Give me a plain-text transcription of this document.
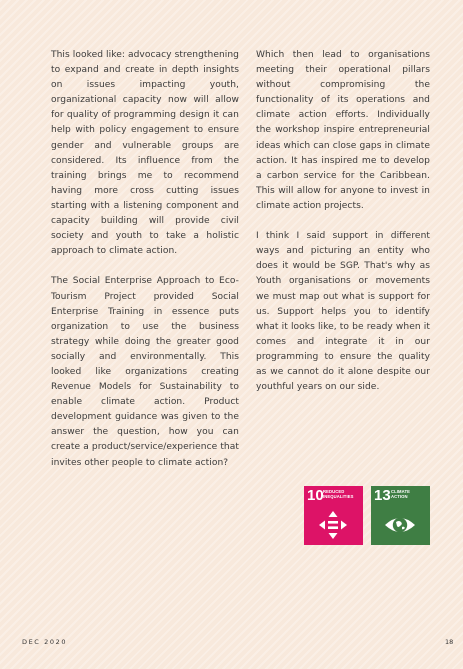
This looked like: advocacy strengthening to expand and create in depth insights on issues impacting youth, organizational capacity now will allow for quality of programming design it can help with policy engagement to ensure gender and vulnerable groups are considered. Its influence from the training brings me to recommend having more cross cutting issues starting with a listening component and capacity building will provide civil society and youth to take a holistic approach to climate action.

The Social Enterprise Approach to Eco- Tourism Project provided Social Enterprise Training in essence puts organization to use the business strategy while doing the greater good socially and environmentally. This looked like organizations creating Revenue Models for Sustainability to enable climate action. Product development guidance was given to the answer the question, how you can create a product/service/experience that invites other people to climate action?

Which then lead to organisations meeting their operational pillars without compromising the functionality of its operations and climate action efforts. Individually the workshop inspire entrepreneurial ideas which can close gaps in climate action. It has inspired me to develop a carbon service for the Caribbean. This will allow for anyone to invest in climate action projects.

I think I said support in different ways and picturing an entity who does it would be SGP. That's why as Youth organisations or movements we must map out what is support for us. Support helps you to identify what it looks like, to be ready when it comes and integrate it in our programming to ensure the quality as we cannot do it alone despite our youthful years on our side.

10 REDUCED
INEQUALITIES	13 CLIMATE
ACTION
DEC 2020	18
